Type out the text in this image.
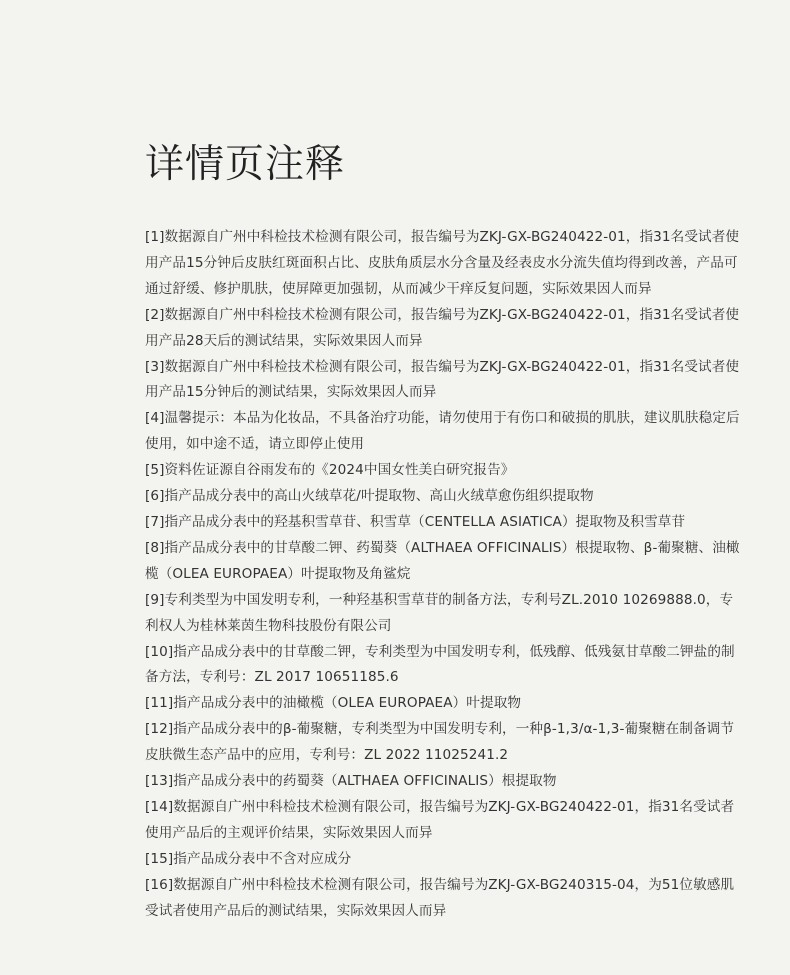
详情页注释
[1]数据源自广州中科检技术检测有限公司，报告编号为ZKJ-GX-BG240422-01，指31名受试者使用产品15分钟后皮肤红斑面积占比、皮肤角质层水分含量及经表皮水分流失值均得到改善，产品可通过舒缓、修护肌肤，使屏障更加强韧，从而减少干痒反复问题，实际效果因人而异
[2]数据源自广州中科检技术检测有限公司，报告编号为ZKJ-GX-BG240422-01，指31名受试者使用产品28天后的测试结果，实际效果因人而异
[3]数据源自广州中科检技术检测有限公司，报告编号为ZKJ-GX-BG240422-01，指31名受试者使用产品15分钟后的测试结果，实际效果因人而异
[4]温馨提示：本品为化妆品，不具备治疗功能，请勿使用于有伤口和破损的肌肤，建议肌肤稳定后使用，如中途不适，请立即停止使用
[5]资料佐证源自谷雨发布的《2024中国女性美白研究报告》
[6]指产品成分表中的高山火绒草花/叶提取物、高山火绒草愈伤组织提取物
[7]指产品成分表中的羟基积雪草苷、积雪草（CENTELLA ASIATICA）提取物及积雪草苷
[8]指产品成分表中的甘草酸二钾、药蜀葵（ALTHAEA OFFICINALIS）根提取物、β-葡聚糖、油橄榄（OLEA EUROPAEA）叶提取物及角鲨烷
[9]专利类型为中国发明专利，一种羟基积雪草苷的制备方法，专利号ZL.2010 10269888.0，专利权人为桂林莱茵生物科技股份有限公司
[10]指产品成分表中的甘草酸二钾，专利类型为中国发明专利，低残醇、低残氨甘草酸二钾盐的制备方法，专利号：ZL 2017 10651185.6
[11]指产品成分表中的油橄榄（OLEA EUROPAEA）叶提取物
[12]指产品成分表中的β-葡聚糖，专利类型为中国发明专利，一种β-1,3/α-1,3-葡聚糖在制备调节皮肤微生态产品中的应用，专利号：ZL 2022 11025241.2
[13]指产品成分表中的药蜀葵（ALTHAEA OFFICINALIS）根提取物
[14]数据源自广州中科检技术检测有限公司，报告编号为ZKJ-GX-BG240422-01，指31名受试者使用产品后的主观评价结果，实际效果因人而异
[15]指产品成分表中不含对应成分
[16]数据源自广州中科检技术检测有限公司，报告编号为ZKJ-GX-BG240315-04，为51位敏感肌受试者使用产品后的测试结果，实际效果因人而异
